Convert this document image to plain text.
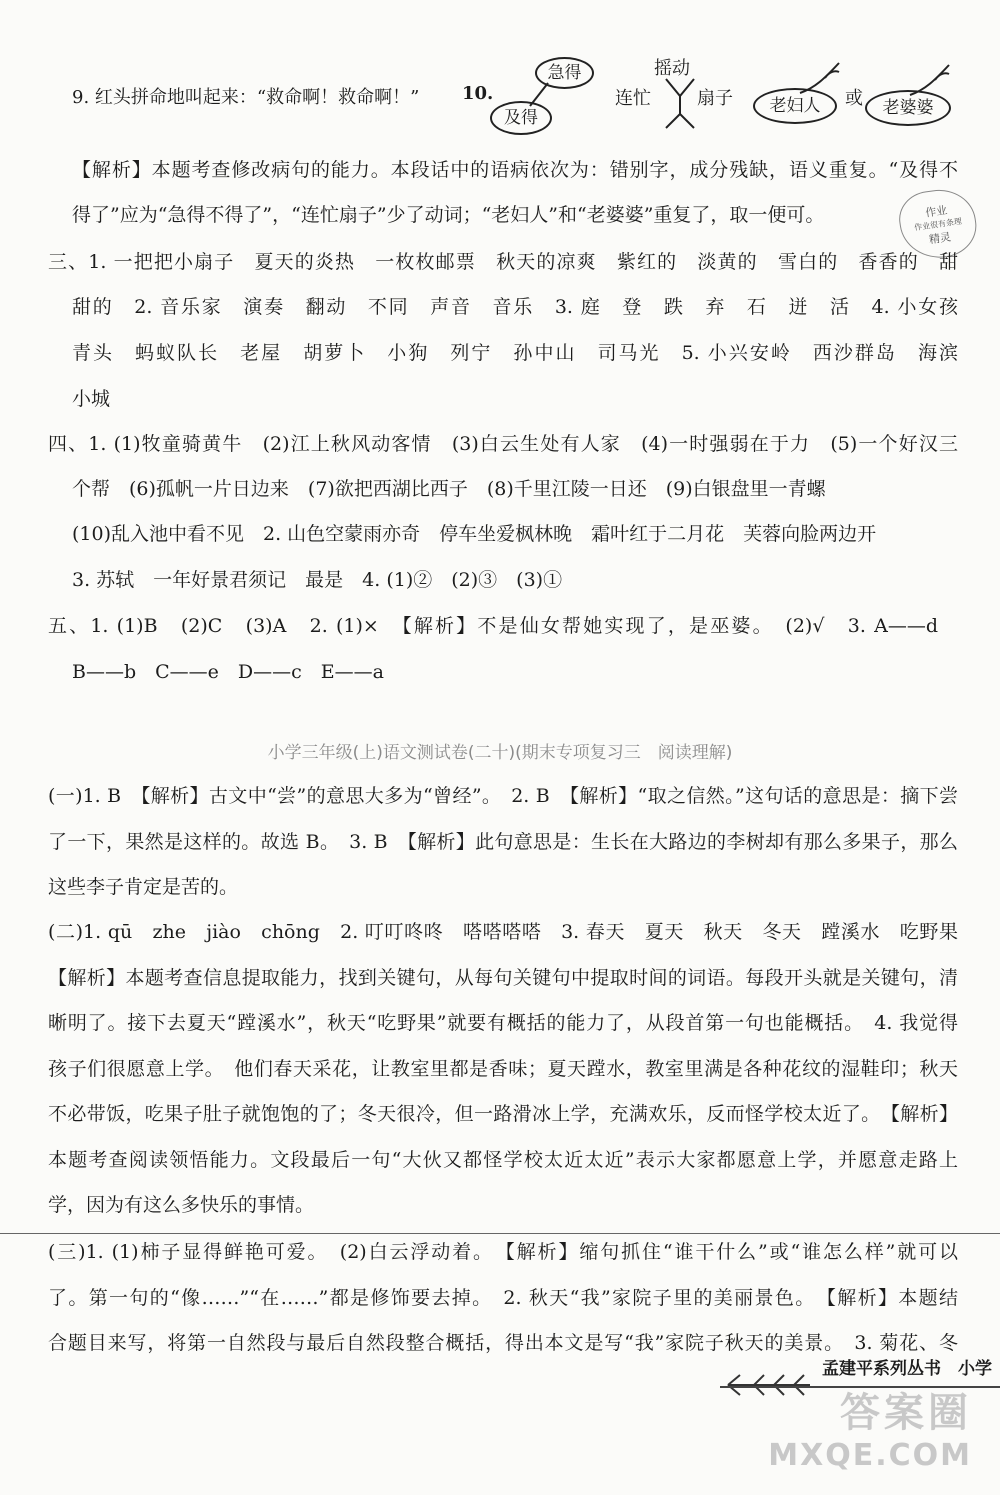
9. 红头拼命地叫起来：“救命啊！救命啊！” 10.
急得
及得
连忙
摇动
扇子 老妇人 或 老婆婆
作业
作业很有条理
精灵
【解析】本题考查修改病句的能力。本段话中的语病依次为：错别字，成分残缺，语义重复。“及得不
得了”应为“急得不得了”，“连忙扇子”少了动词；“老妇人”和“老婆婆”重复了，取一便可。
三、1. 一把把小扇子　夏天的炎热　一枚枚邮票　秋天的凉爽　紫红的　淡黄的　雪白的　香香的　甜
甜的　2. 音乐家　演奏　翻动　不同　声音　音乐　3. 庭　登　跌　弃　石　迸　活　4. 小女孩
青头　蚂蚁队长　老屋　胡萝卜　小狗　列宁　孙中山　司马光　5. 小兴安岭　西沙群岛　海滨
小城
四、1. (1)牧童骑黄牛　(2)江上秋风动客情　(3)白云生处有人家　(4)一时强弱在于力　(5)一个好汉三
个帮　(6)孤帆一片日边来　(7)欲把西湖比西子　(8)千里江陵一日还　(9)白银盘里一青螺
(10)乱入池中看不见　2. 山色空蒙雨亦奇　停车坐爱枫林晚　霜叶红于二月花　芙蓉向脸两边开
3. 苏轼　一年好景君须记　最是　4. (1)②　(2)③　(3)①
五、1. (1)B　(2)C　(3)A　2. (1)×　【解析】不是仙女帮她实现了，是巫婆。　(2)√　3. A——d
B——b　C——e　D——c　E——a
小学三年级(上)语文测试卷(二十)(期末专项复习三　阅读理解)
(一)1. B　【解析】古文中“尝”的意思大多为“曾经”。　2. B　【解析】“取之信然。”这句话的意思是：摘下尝
了一下，果然是这样的。故选 B。　3. B　【解析】此句意思是：生长在大路边的李树却有那么多果子，那么
这些李子肯定是苦的。
(二)1. qū　zhe　jiào　chōng　2. 叮叮咚咚　嗒嗒嗒嗒　3. 春天　夏天　秋天　冬天　蹚溪水　吃野果
【解析】本题考查信息提取能力，找到关键句，从每句关键句中提取时间的词语。每段开头就是关键句，清
晰明了。接下去夏天“蹚溪水”，秋天“吃野果”就要有概括的能力了，从段首第一句也能概括。　4. 我觉得
孩子们很愿意上学。　他们春天采花，让教室里都是香味；夏天蹚水，教室里满是各种花纹的湿鞋印；秋天
不必带饭，吃果子肚子就饱饱的了；冬天很冷，但一路滑冰上学，充满欢乐，反而怪学校太近了。　【解析】
本题考查阅读领悟能力。文段最后一句“大伙又都怪学校太近太近”表示大家都愿意上学，并愿意走路上
学，因为有这么多快乐的事情。
(三)1. (1)柿子显得鲜艳可爱。　(2)白云浮动着。　【解析】缩句抓住“谁干什么”或“谁怎么样”就可以
了。第一句的“像……”“在……”都是修饰要去掉。　2. 秋天“我”家院子里的美丽景色。　【解析】本题结
合题目来写，将第一自然段与最后自然段整合概括，得出本文是写“我”家院子秋天的美景。　3. 菊花、冬
孟建平系列丛书　小学
答案圈
MXQE.COM
